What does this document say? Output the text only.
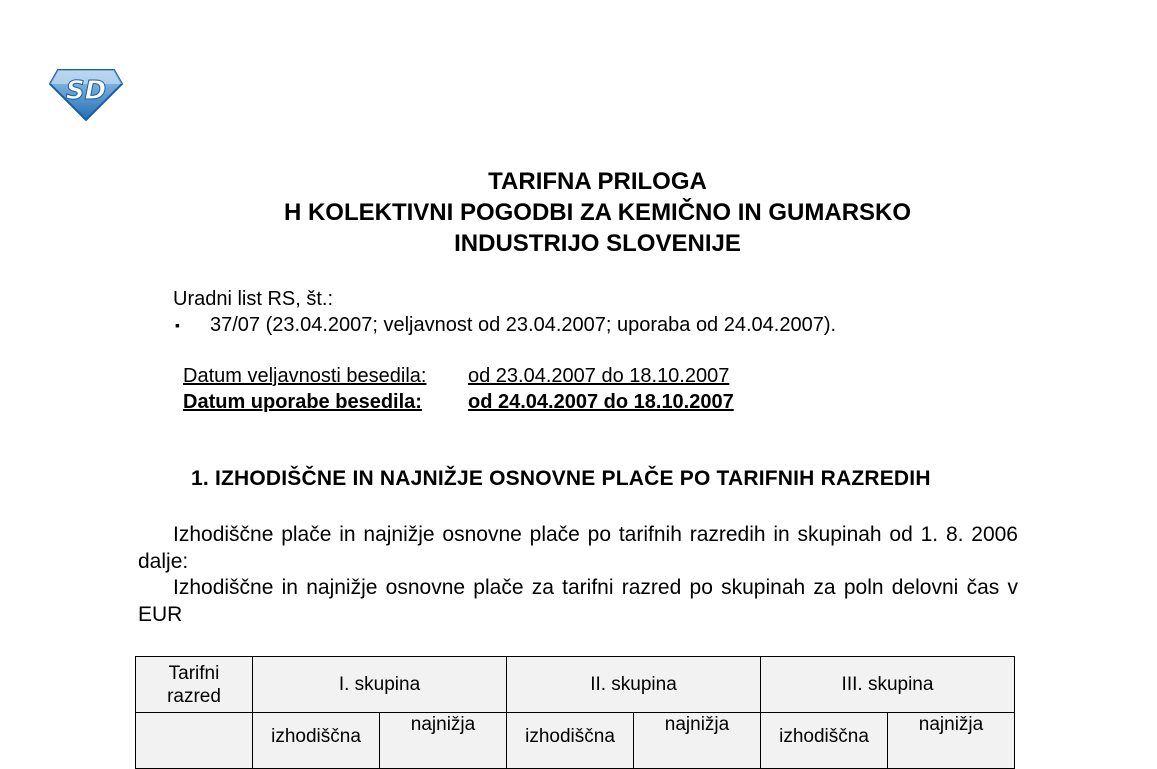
SD
TARIFNA PRILOGA
H KOLEKTIVNI POGODBI ZA KEMIČNO IN GUMARSKO
INDUSTRIJO SLOVENIJE
Uradni list RS, št.:
▪	37/07 (23.04.2007; veljavnost od 23.04.2007; uporaba od 24.04.2007).
Datum veljavnosti besedila:	od 23.04.2007 do 18.10.2007
Datum uporabe besedila:	od 24.04.2007 do 18.10.2007
1. IZHODIŠČNE IN NAJNIŽJE OSNOVNE PLAČE PO TARIFNIH RAZREDIH
Izhodiščne plače in najnižje osnovne plače po tarifnih razredih in skupinah od 1. 8. 2006 dalje:
Izhodiščne in najnižje osnovne plače za tarifni razred po skupinah za poln delovni čas v EUR
Tarifni razred	I. skupina		II. skupina		III. skupina	
	izhodiščna	najnižja	izhodiščna	najnižja	izhodiščna	najnižja
